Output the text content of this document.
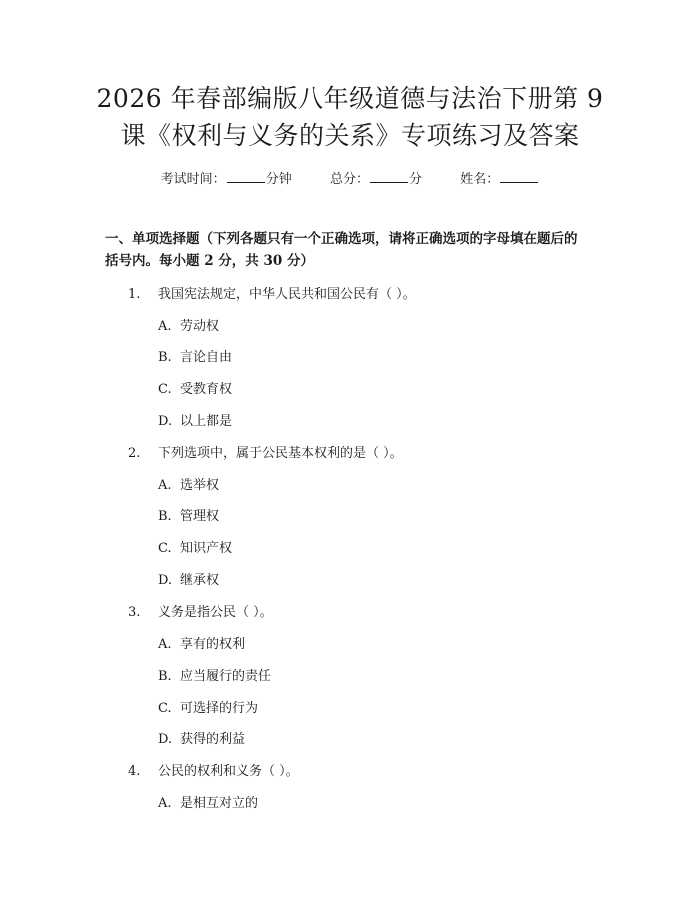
2026 年春部编版八年级道德与法治下册第 9
课《权利与义务的关系》专项练习及答案
考试时间：	分钟	总分：	分	姓名：
一、单项选择题（下列各题只有一个正确选项，请将正确选项的字母填在题后的
括号内。每小题 2 分，共 30 分）
1. 我国宪法规定，中华人民共和国公民有（ ）。
A. 劳动权
B. 言论自由
C. 受教育权
D. 以上都是
2. 下列选项中，属于公民基本权利的是（ ）。
A. 选举权
B. 管理权
C. 知识产权
D. 继承权
3. 义务是指公民（ ）。
A. 享有的权利
B. 应当履行的责任
C. 可选择的行为
D. 获得的利益
4. 公民的权利和义务（ ）。
A. 是相互对立的
